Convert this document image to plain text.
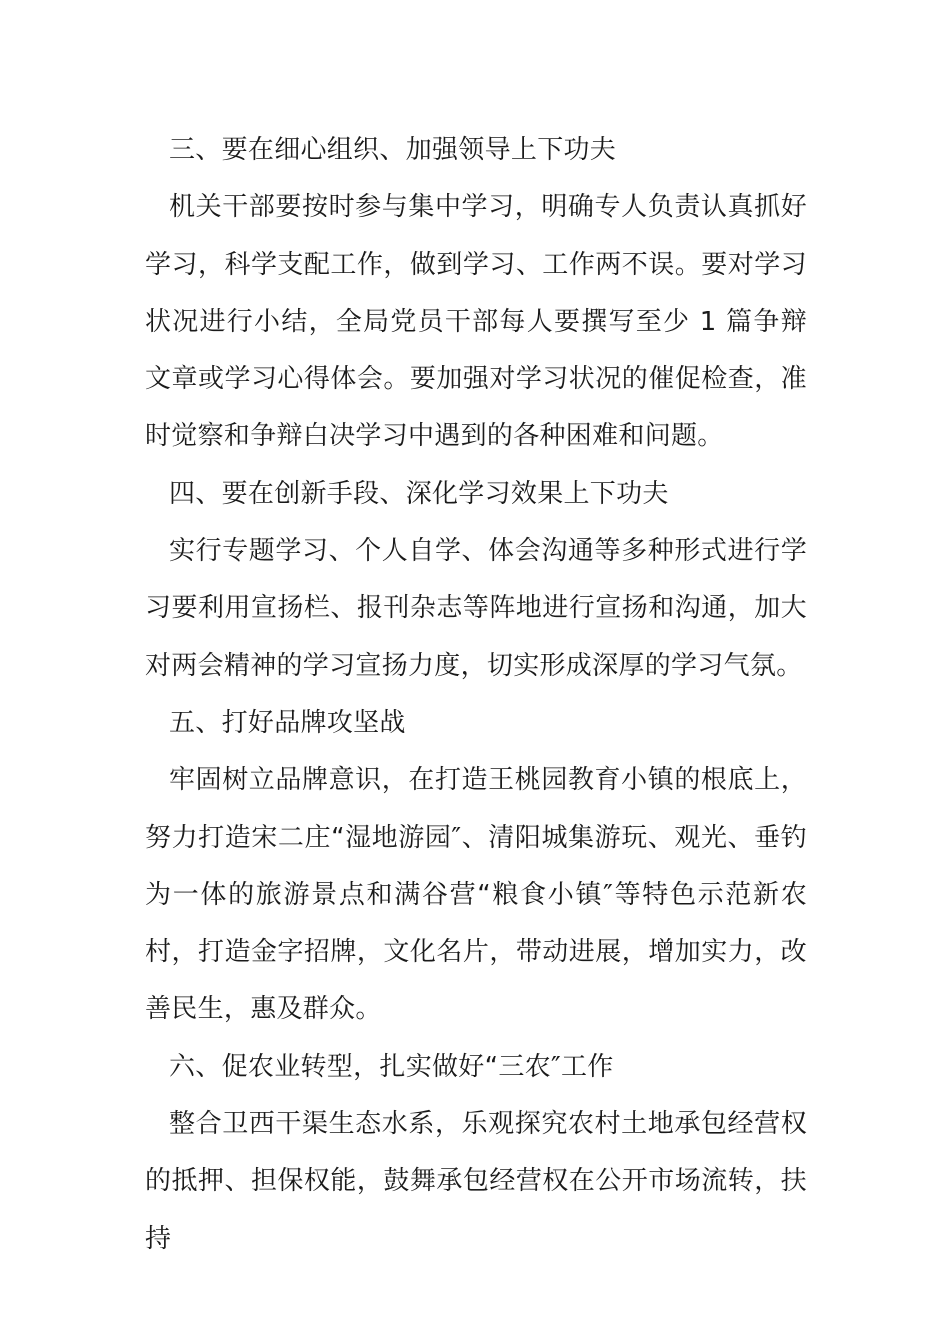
三、要在细心组织、加强领导上下功夫

机关干部要按时参与集中学习，明确专人负责认真抓好学习，科学支配工作，做到学习、工作两不误。要对学习状况进行小结，全局党员干部每人要撰写至少 1 篇争辩文章或学习心得体会。要加强对学习状况的催促检查，准时觉察和争辩白决学习中遇到的各种困难和问题。

四、要在创新手段、深化学习效果上下功夫

实行专题学习、个人自学、体会沟通等多种形式进行学习要利用宣扬栏、报刊杂志等阵地进行宣扬和沟通，加大对两会精神的学习宣扬力度，切实形成深厚的学习气氛。

五、打好品牌攻坚战

牢固树立品牌意识，在打造王桃园教育小镇的根底上，努力打造宋二庄“湿地游园″、清阳城集游玩、观光、垂钓为一体的旅游景点和满谷营“粮食小镇″等特色示范新农村，打造金字招牌，文化名片，带动进展，增加实力，改善民生，惠及群众。

六、促农业转型，扎实做好“三农″工作

整合卫西干渠生态水系，乐观探究农村土地承包经营权的抵押、担保权能，鼓舞承包经营权在公开市场流转，扶持
